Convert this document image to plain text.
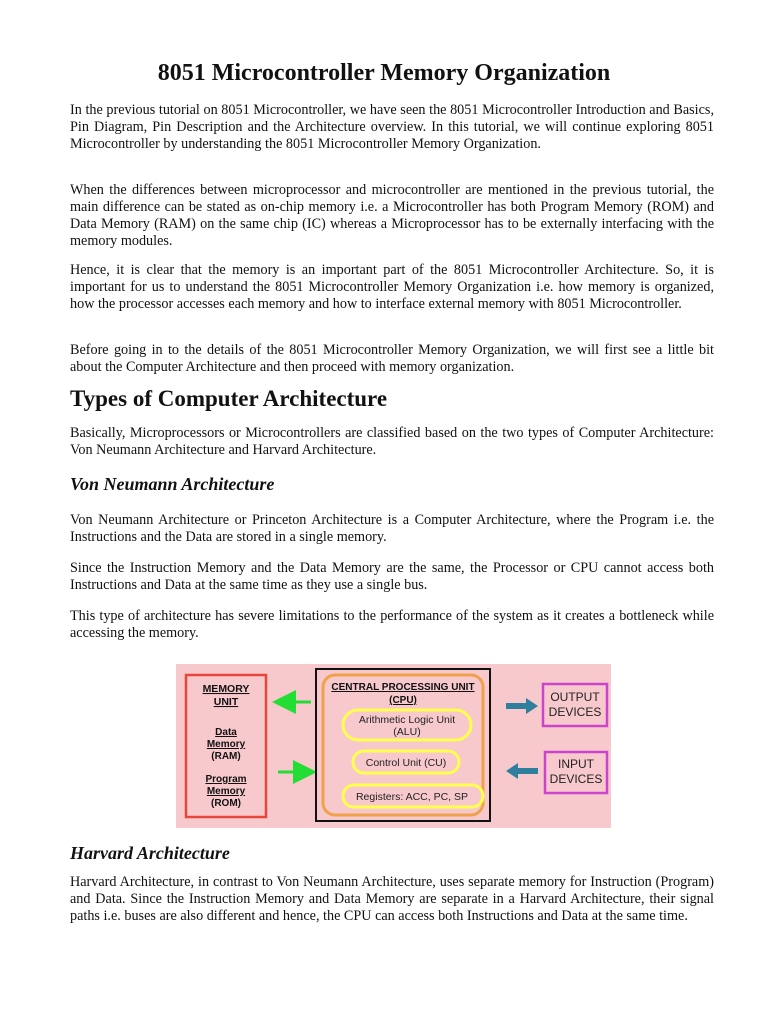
8051 Microcontroller Memory Organization

In the previous tutorial on 8051 Microcontroller, we have seen the 8051 Microcontroller Introduction and Basics, Pin Diagram, Pin Description and the Architecture overview. In this tutorial, we will continue exploring 8051 Microcontroller by understanding the 8051 Microcontroller Memory Organization.

When the differences between microprocessor and microcontroller are mentioned in the previous tutorial, the main difference can be stated as on-chip memory i.e. a Microcontroller has both Program Memory (ROM) and Data Memory (RAM) on the same chip (IC) whereas a Microprocessor has to be externally interfacing with the memory modules.

Hence, it is clear that the memory is an important part of the 8051 Microcontroller Architecture. So, it is important for us to understand the 8051 Microcontroller Memory Organization i.e. how memory is organized, how the processor accesses each memory and how to interface external memory with 8051 Microcontroller.

Before going in to the details of the 8051 Microcontroller Memory Organization, we will first see a little bit about the Computer Architecture and then proceed with memory organization.

Types of Computer Architecture

Basically, Microprocessors or Microcontrollers are classified based on the two types of Computer Architecture: Von Neumann Architecture and Harvard Architecture.

Von Neumann Architecture

Von Neumann Architecture or Princeton Architecture is a Computer Architecture, where the Program i.e. the Instructions and the Data are stored in a single memory.

Since the Instruction Memory and the Data Memory are the same, the Processor or CPU cannot access both Instructions and Data at the same time as they use a single bus.

This type of architecture has severe limitations to the performance of the system as it creates a bottleneck while accessing the memory.

MEMORY
UNIT
Data
Memory
(RAM)
Program
Memory
(ROM)
CENTRAL PROCESSING UNIT
(CPU)
Arithmetic Logic Unit
(ALU)
Control Unit (CU)
Registers: ACC, PC, SP
OUTPUT
DEVICES
INPUT
DEVICES
Harvard Architecture

Harvard Architecture, in contrast to Von Neumann Architecture, uses separate memory for Instruction (Program) and Data. Since the Instruction Memory and Data Memory are separate in a Harvard Architecture, their signal paths i.e. buses are also different and hence, the CPU can access both Instructions and Data at the same time.
